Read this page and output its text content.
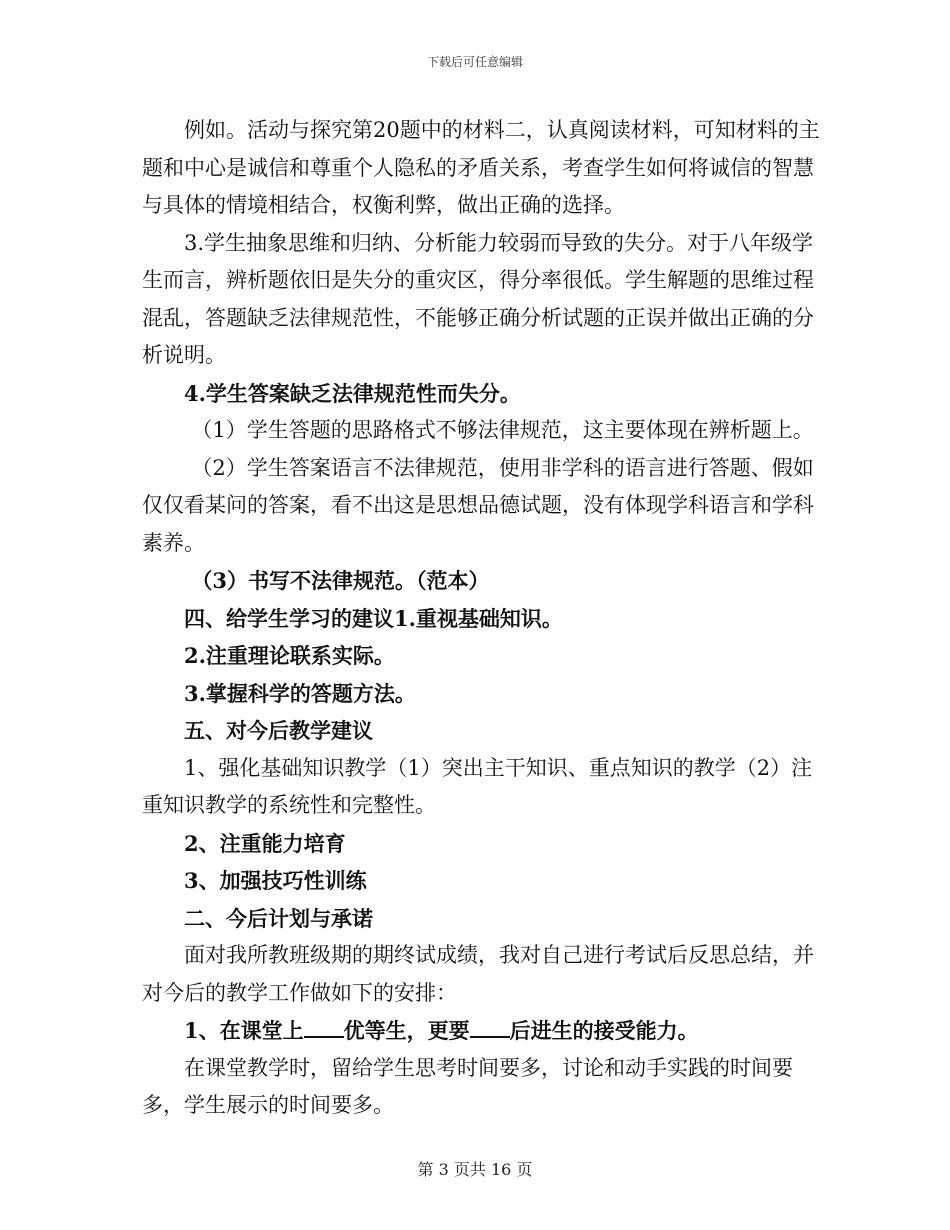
下载后可任意编辑

例如。活动与探究第20题中的材料二，认真阅读材料，可知材料的主题和中心是诚信和尊重个人隐私的矛盾关系，考查学生如何将诚信的智慧与具体的情境相结合，权衡利弊，做出正确的选择。

3.学生抽象思维和归纳、分析能力较弱而导致的失分。对于八年级学生而言，辨析题依旧是失分的重灾区，得分率很低。学生解题的思维过程混乱，答题缺乏法律规范性，不能够正确分析试题的正误并做出正确的分析说明。

4.学生答案缺乏法律规范性而失分。

（1）学生答题的思路格式不够法律规范，这主要体现在辨析题上。

（2）学生答案语言不法律规范，使用非学科的语言进行答题、假如仅仅看某问的答案，看不出这是思想品德试题，没有体现学科语言和学科素养。

（3）书写不法律规范。（范本）

四、给学生学习的建议1.重视基础知识。

2.注重理论联系实际。

3.掌握科学的答题方法。

五、对今后教学建议

1、强化基础知识教学（1）突出主干知识、重点知识的教学（2）注重知识教学的系统性和完整性。

2、注重能力培育

3、加强技巧性训练

二、今后计划与承诺

面对我所教班级期的期终试成绩，我对自己进行考试后反思总结，并对今后的教学工作做如下的安排：

1、在课堂上 优等生，更要 后进生的接受能力。

在课堂教学时，留给学生思考时间要多，讨论和动手实践的时间要多，学生展示的时间要多。

第 3 页共 16 页
